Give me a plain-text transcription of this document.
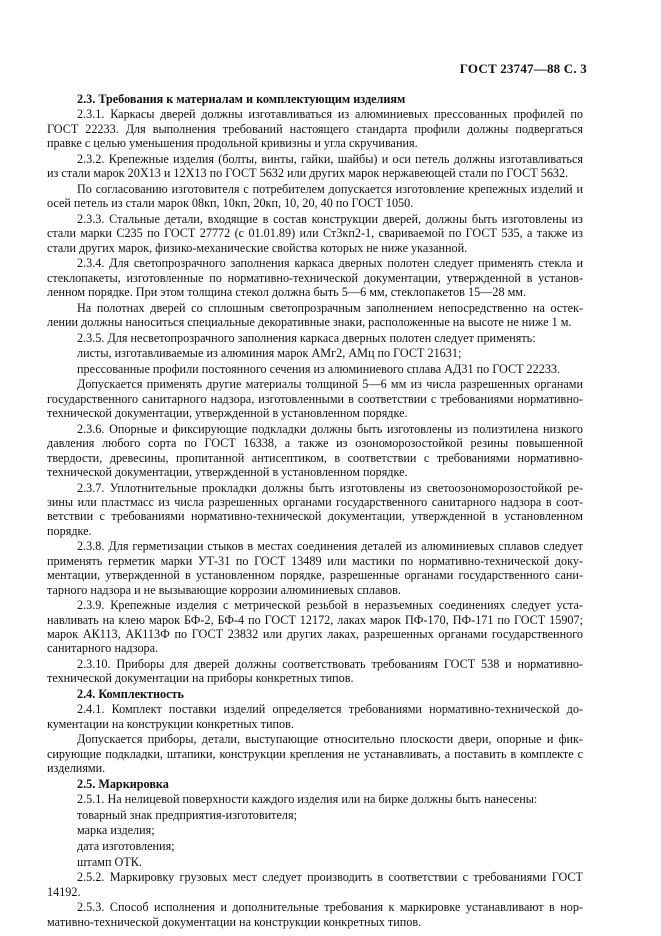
ГОСТ 23747—88 С. 3
2.3. Требования к материалам и комплектующим изделиям

2.3.1. Каркасы дверей должны изготавливаться из алюминиевых прессованных профилей по ГОСТ 22233. Для выполнения требований настоящего стандарта профили должны подвергаться правке с целью уменьшения продольной кривизны и угла скручивания.

2.3.2. Крепежные изделия (болты, винты, гайки, шайбы) и оси петель должны изготавливаться из стали марок 20Х13 и 12Х13 по ГОСТ 5632 или других марок нержавеющей стали по ГОСТ 5632.

По согласованию изготовителя с потребителем допускается изготовление крепежных изделий и осей петель из стали марок 08кп, 10кп, 20кп, 10, 20, 40 по ГОСТ 1050.

2.3.3. Стальные детали, входящие в состав конструкции дверей, должны быть изготовлены из стали марки С235 по ГОСТ 27772 (с 01.01.89) или Ст3кп2-1, свариваемой по ГОСТ 535, а также из стали других марок, физико-механические свойства которых не ниже указанной.

2.3.4. Для светопрозрачного заполнения каркаса дверных полотен следует применять стекла и стеклопакеты, изготовленные по нормативно-технической документации, утвержденной в установленном порядке. При этом толщина стекол должна быть 5—6 мм, стеклопакетов 15—28 мм.

На полотнах дверей со сплошным светопрозрачным заполнением непосредственно на остеклении должны наноситься специальные декоративные знаки, расположенные на высоте не ниже 1 м.

2.3.5. Для несветопрозрачного заполнения каркаса дверных полотен следует применять:

листы, изготавливаемые из алюминия марок АМг2, АМц по ГОСТ 21631;

прессованные профили постоянного сечения из алюминиевого сплава АД31 по ГОСТ 22233.

Допускается применять другие материалы толщиной 5—6 мм из числа разрешенных органами государственного санитарного надзора, изготовленными в соответствии с требованиями нормативно-технической документации, утвержденной в установленном порядке.

2.3.6. Опорные и фиксирующие подкладки должны быть изготовлены из полиэтилена низкого давления любого сорта по ГОСТ 16338, а также из озономорозостойкой резины повышенной твердости, древесины, пропитанной антисептиком, в соответствии с требованиями нормативно-технической документации, утвержденной в установленном порядке.

2.3.7. Уплотнительные прокладки должны быть изготовлены из светоозономорозостойкой резины или пластмасс из числа разрешенных органами государственного санитарного надзора в соответствии с требованиями нормативно-технической документации, утвержденной в установленном порядке.

2.3.8. Для герметизации стыков в местах соединения деталей из алюминиевых сплавов следует применять герметик марки УТ-31 по ГОСТ 13489 или мастики по нормативно-технической документации, утвержденной в установленном порядке, разрешенные органами государственного санитарного надзора и не вызывающие коррозии алюминиевых сплавов.

2.3.9. Крепежные изделия с метрической резьбой в неразъемных соединениях следует устанавливать на клею марок БФ-2, БФ-4 по ГОСТ 12172, лаках марок ПФ-170, ПФ-171 по ГОСТ 15907; марок АК113, АК113Ф по ГОСТ 23832 или других лаках, разрешенных органами государственного санитарного надзора.

2.3.10. Приборы для дверей должны соответствовать требованиям ГОСТ 538 и нормативно-технической документации на приборы конкретных типов.

2.4. Комплектность

2.4.1. Комплект поставки изделий определяется требованиями нормативно-технической документации на конструкции конкретных типов.

Допускается приборы, детали, выступающие относительно плоскости двери, опорные и фиксирующие подкладки, штапики, конструкции крепления не устанавливать, а поставить в комплекте с изделиями.

2.5. Маркировка

2.5.1. На нелицевой поверхности каждого изделия или на бирке должны быть нанесены:

товарный знак предприятия-изготовителя;

марка изделия;

дата изготовления;

штамп ОТК.

2.5.2. Маркировку грузовых мест следует производить в соответствии с требованиями ГОСТ 14192.

2.5.3. Способ исполнения и дополнительные требования к маркировке устанавливают в нормативно-технической документации на конструкции конкретных типов.
